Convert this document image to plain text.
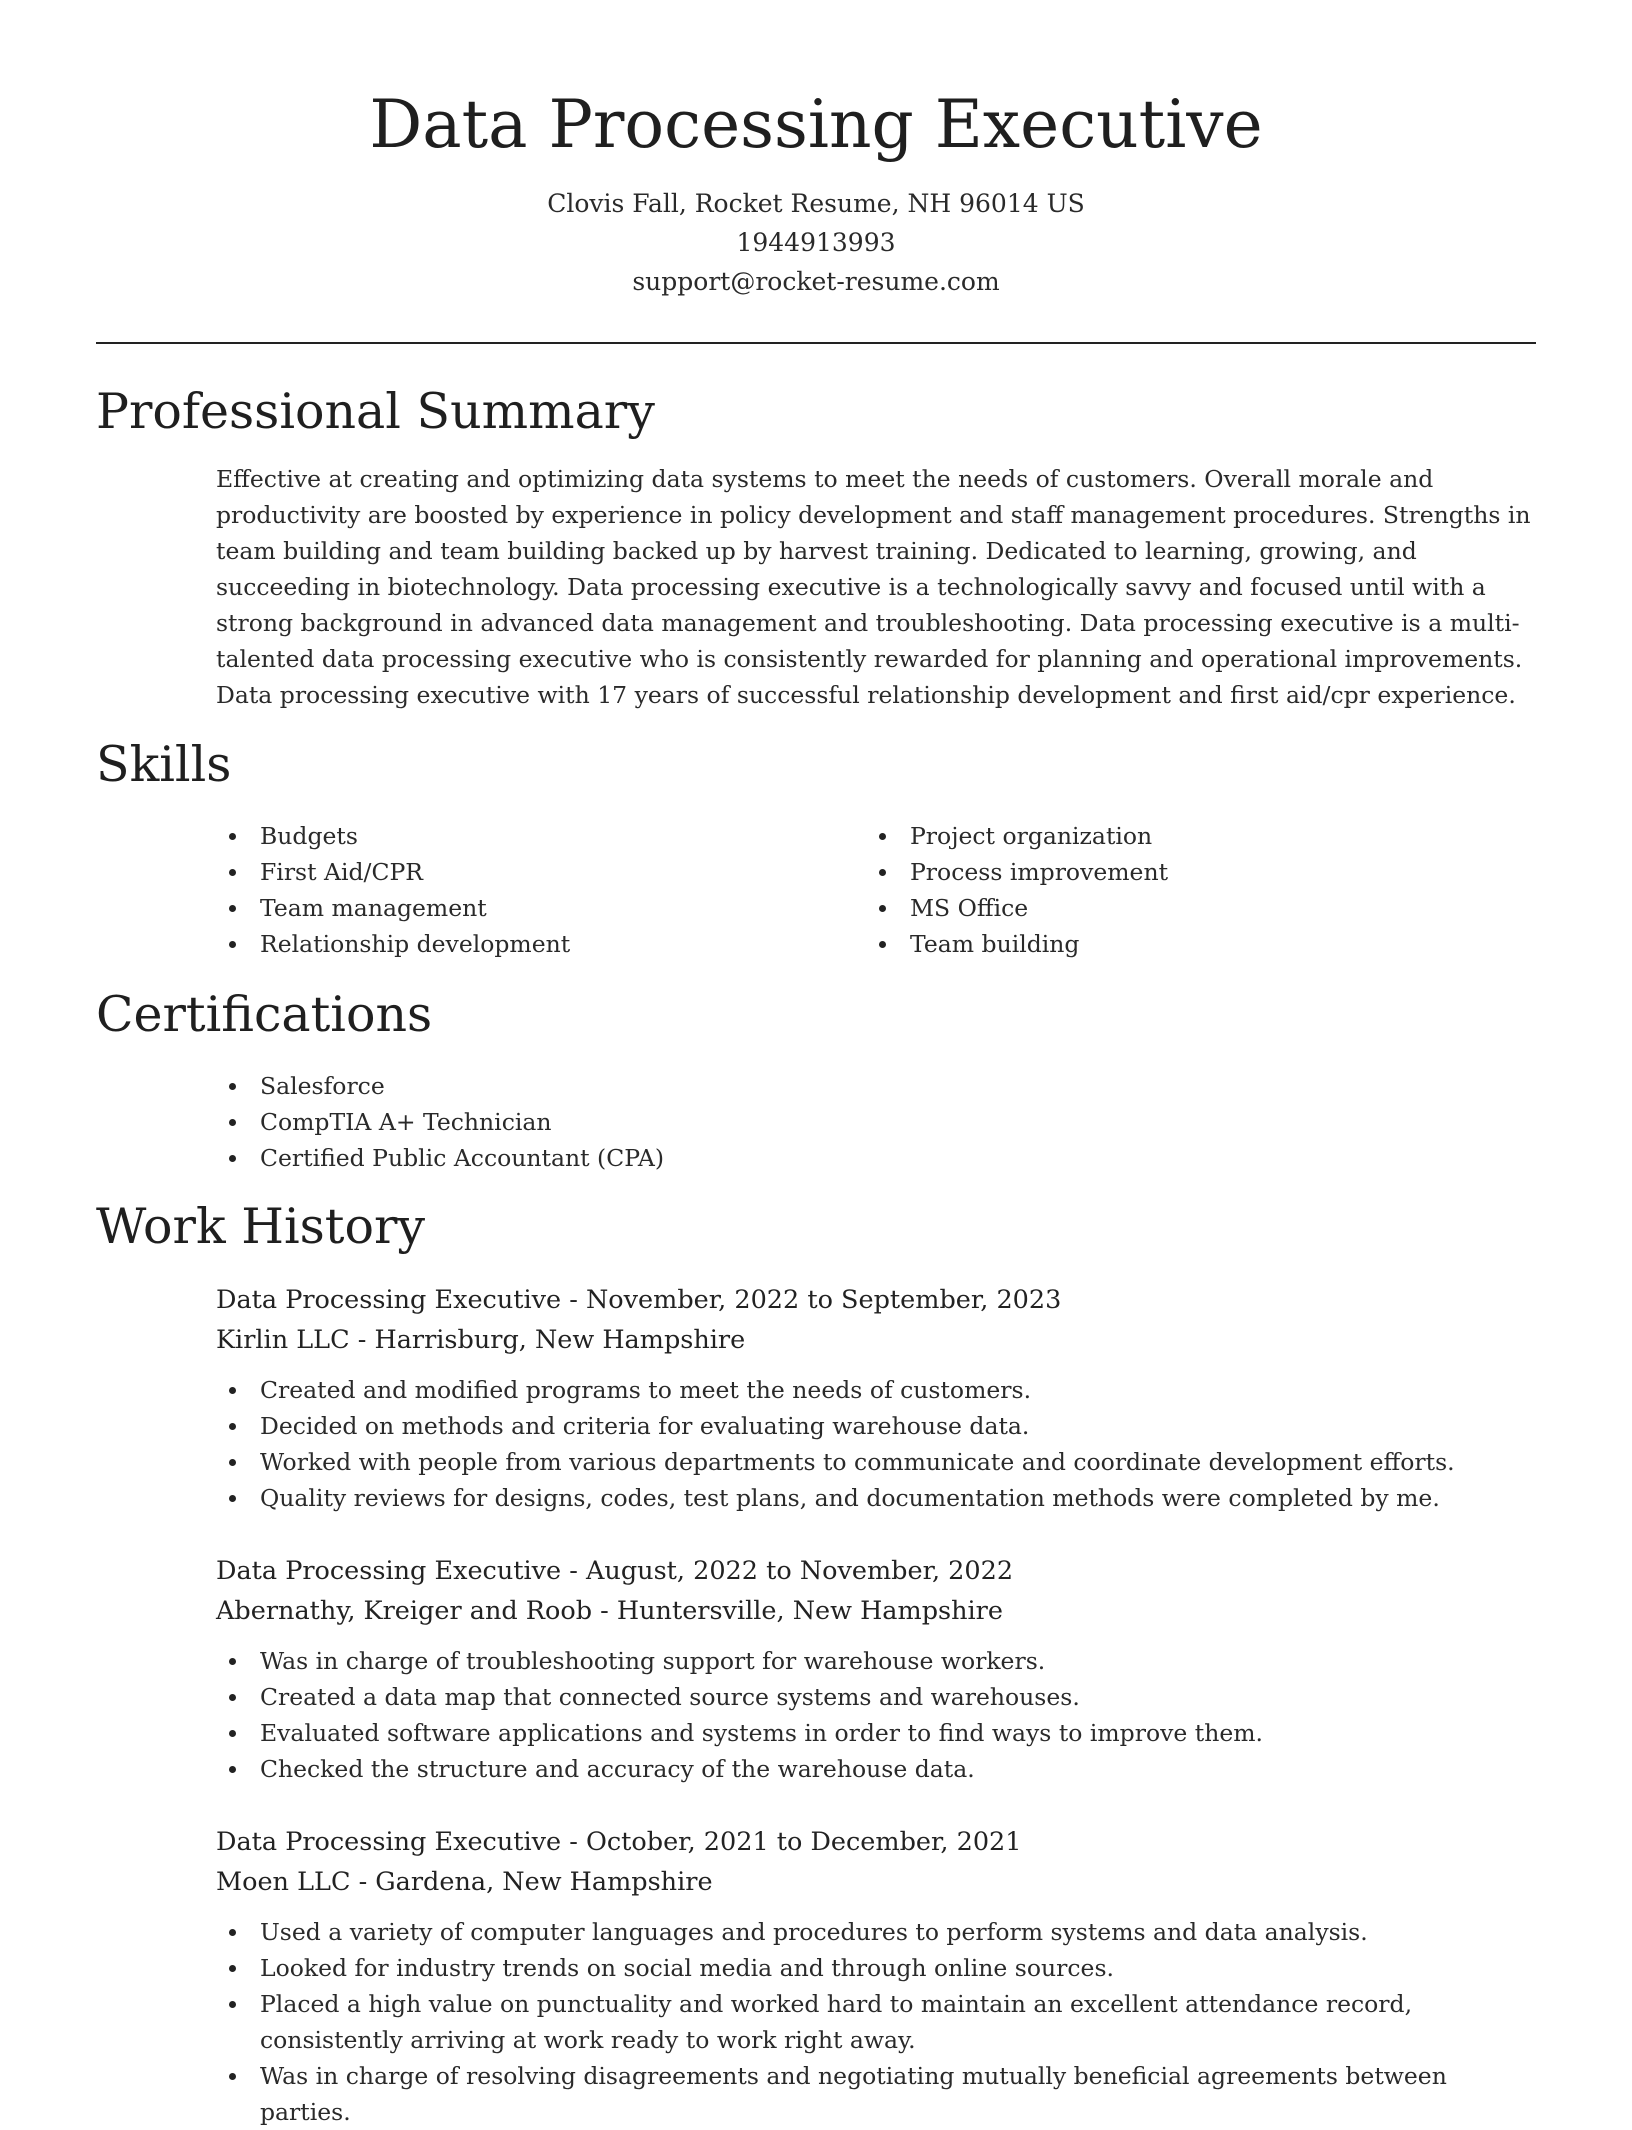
Data Processing Executive
Clovis Fall, Rocket Resume, NH 96014 US
1944913993
support@rocket-resume.com
Professional Summary

Effective at creating and optimizing data systems to meet the needs of customers. Overall morale and productivity are boosted by experience in policy development and staff management procedures. Strengths in team building and team building backed up by harvest training. Dedicated to learning, growing, and succeeding in biotechnology. Data processing executive is a technologically savvy and focused until with a strong background in advanced data management and troubleshooting. Data processing executive is a multi-talented data processing executive who is consistently rewarded for planning and operational improvements. Data processing executive with 17 years of successful relationship development and first aid/cpr experience.

Skills
Budgets
First Aid/CPR
Team management
Relationship development
Project organization
Process improvement
MS Office
Team building
Certifications
Salesforce
CompTIA A+ Technician
Certified Public Accountant (CPA)
Work History
Data Processing Executive - November, 2022 to September, 2023
Kirlin LLC - Harrisburg, New Hampshire
Created and modified programs to meet the needs of customers.
Decided on methods and criteria for evaluating warehouse data.
Worked with people from various departments to communicate and coordinate development efforts.
Quality reviews for designs, codes, test plans, and documentation methods were completed by me.
Data Processing Executive - August, 2022 to November, 2022
Abernathy, Kreiger and Roob - Huntersville, New Hampshire
Was in charge of troubleshooting support for warehouse workers.
Created a data map that connected source systems and warehouses.
Evaluated software applications and systems in order to find ways to improve them.
Checked the structure and accuracy of the warehouse data.
Data Processing Executive - October, 2021 to December, 2021
Moen LLC - Gardena, New Hampshire
Used a variety of computer languages and procedures to perform systems and data analysis.
Looked for industry trends on social media and through online sources.
Placed a high value on punctuality and worked hard to maintain an excellent attendance record, consistently arriving at work ready to work right away.
Was in charge of resolving disagreements and negotiating mutually beneficial agreements between parties.
